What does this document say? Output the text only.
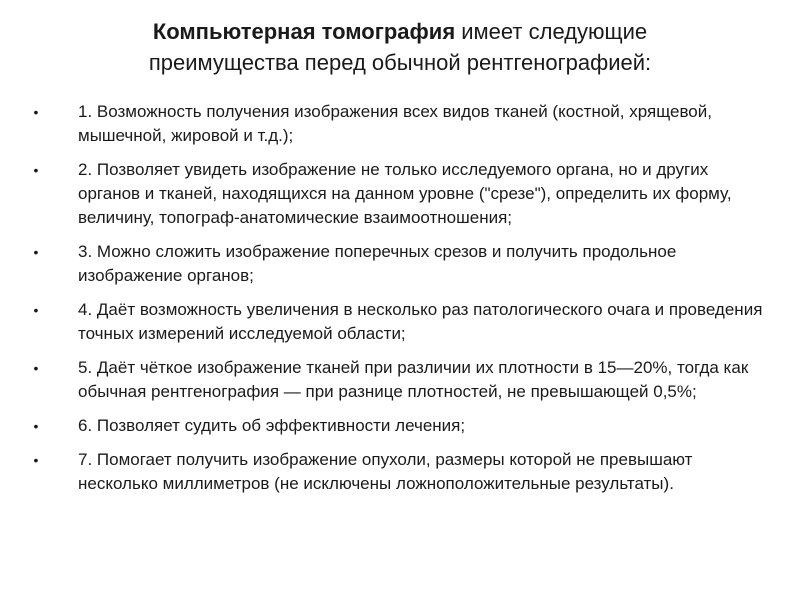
Компьютерная томография имеет следующие
преимущества перед обычной рентгенографией:
• 1. Возможность получения изображения всех видов тканей (костной, хрящевой, мышечной, жировой и т.д.);
• 2. Позволяет увидеть изображение не только исследуемого органа, но и других органов и тканей, находящихся на данном уровне ("срезе"), определить их форму, величину, топограф-анатомические взаимоотношения;
• 3. Можно сложить изображение поперечных срезов и получить продольное изображение органов;
• 4. Даёт возможность увеличения в несколько раз патологического очага и проведения точных измерений исследуемой области;
• 5. Даёт чёткое изображение тканей при различии их плотности в 15—20%, тогда как обычная рентгенография — при разнице плотностей, не превышающей 0,5%;
• 6. Позволяет судить об эффективности лечения;
• 7. Помогает получить изображение опухоли, размеры которой не превышают несколько миллиметров (не исключены ложноположительные результаты).
